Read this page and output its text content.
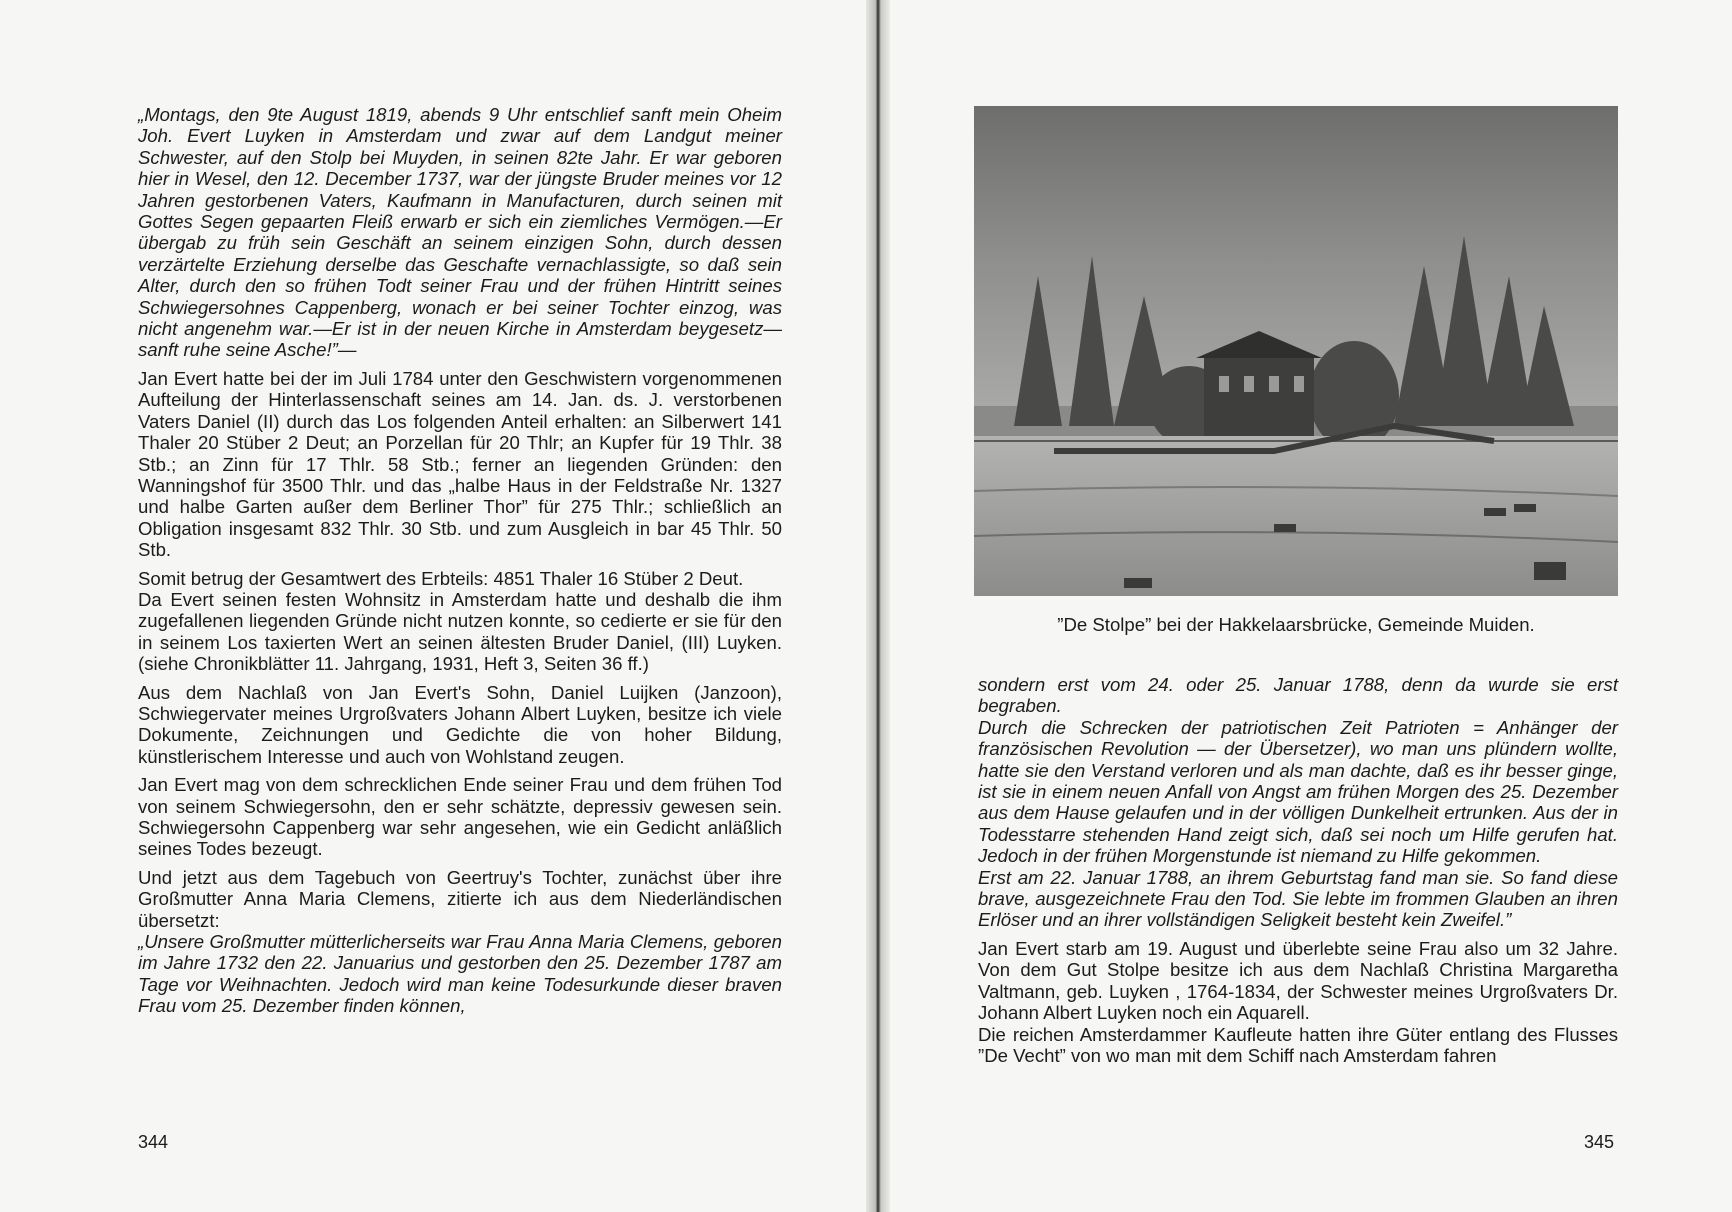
„Montags, den 9te August 1819, abends 9 Uhr entschlief sanft mein Oheim Joh. Evert Luyken in Amsterdam und zwar auf dem Landgut meiner Schwester, auf den Stolp bei Muyden, in seinen 82te Jahr. Er war geboren hier in Wesel, den 12. December 1737, war der jüngste Bruder meines vor 12 Jahren gestorbenen Vaters, Kaufmann in Manufacturen, durch seinen mit Gottes Segen gepaarten Fleiß erwarb er sich ein ziemliches Vermögen.—Er übergab zu früh sein Geschäft an seinem einzigen Sohn, durch dessen verzärtelte Erziehung derselbe das Geschafte vernachlassigte, so daß sein Alter, durch den so frühen Todt seiner Frau und der frühen Hintritt seines Schwiegersohnes Cappenberg, wonach er bei seiner Tochter einzog, was nicht angenehm war.—Er ist in der neuen Kirche in Amsterdam beygesetz—sanft ruhe seine Asche!”—

Jan Evert hatte bei der im Juli 1784 unter den Geschwistern vorgenommenen Aufteilung der Hinterlassenschaft seines am 14. Jan. ds. J. verstorbenen Vaters Daniel (II) durch das Los folgenden Anteil erhalten: an Silberwert 141 Thaler 20 Stüber 2 Deut; an Porzellan für 20 Thlr; an Kupfer für 19 Thlr. 38 Stb.; an Zinn für 17 Thlr. 58 Stb.; ferner an liegenden Gründen: den Wanningshof für 3500 Thlr. und das „halbe Haus in der Feldstraße Nr. 1327 und halbe Garten außer dem Berliner Thor” für 275 Thlr.; schließlich an Obligation insgesamt 832 Thlr. 30 Stb. und zum Ausgleich in bar 45 Thlr. 50 Stb.

Somit betrug der Gesamtwert des Erbteils: 4851 Thaler 16 Stüber 2 Deut.

Da Evert seinen festen Wohnsitz in Amsterdam hatte und deshalb die ihm zugefallenen liegenden Gründe nicht nutzen konnte, so cedierte er sie für den in seinem Los taxierten Wert an seinen ältesten Bruder Daniel, (III) Luyken. (siehe Chronikblätter 11. Jahrgang, 1931, Heft 3, Seiten 36 ff.)

Aus dem Nachlaß von Jan Evert's Sohn, Daniel Luijken (Janzoon), Schwiegervater meines Urgroßvaters Johann Albert Luyken, besitze ich viele Dokumente, Zeichnungen und Gedichte die von hoher Bildung, künstlerischem Interesse und auch von Wohlstand zeugen.

Jan Evert mag von dem schrecklichen Ende seiner Frau und dem frühen Tod von seinem Schwiegersohn, den er sehr schätzte, depressiv gewesen sein. Schwiegersohn Cappenberg war sehr angesehen, wie ein Gedicht anläßlich seines Todes bezeugt.

Und jetzt aus dem Tagebuch von Geertruy's Tochter, zunächst über ihre Großmutter Anna Maria Clemens, zitierte ich aus dem Niederländischen übersetzt:

„Unsere Großmutter mütterlicherseits war Frau Anna Maria Clemens, geboren im Jahre 1732 den 22. Januarius und gestorben den 25. Dezember 1787 am Tage vor Weihnachten. Jedoch wird man keine Todesurkunde dieser braven Frau vom 25. Dezember finden können,

344
”De Stolpe” bei der Hakkelaarsbrücke, Gemeinde Muiden.

sondern erst vom 24. oder 25. Januar 1788, denn da wurde sie erst begraben.

Durch die Schrecken der patriotischen Zeit Patrioten = Anhänger der französischen Revolution — der Übersetzer), wo man uns plündern wollte, hatte sie den Verstand verloren und als man dachte, daß es ihr besser ginge, ist sie in einem neuen Anfall von Angst am frühen Morgen des 25. Dezember aus dem Hause gelaufen und in der völligen Dunkelheit ertrunken. Aus der in Todesstarre stehenden Hand zeigt sich, daß sei noch um Hilfe gerufen hat. Jedoch in der frühen Morgenstunde ist niemand zu Hilfe gekommen.

Erst am 22. Januar 1788, an ihrem Geburtstag fand man sie. So fand diese brave, ausgezeichnete Frau den Tod. Sie lebte im frommen Glauben an ihren Erlöser und an ihrer vollständigen Seligkeit besteht kein Zweifel.”

Jan Evert starb am 19. August und überlebte seine Frau also um 32 Jahre. Von dem Gut Stolpe besitze ich aus dem Nachlaß Christina Margaretha Valtmann, geb. Luyken , 1764-1834, der Schwester meines Urgroßvaters Dr. Johann Albert Luyken noch ein Aquarell.

Die reichen Amsterdammer Kaufleute hatten ihre Güter entlang des Flusses ”De Vecht” von wo man mit dem Schiff nach Amsterdam fahren

345
